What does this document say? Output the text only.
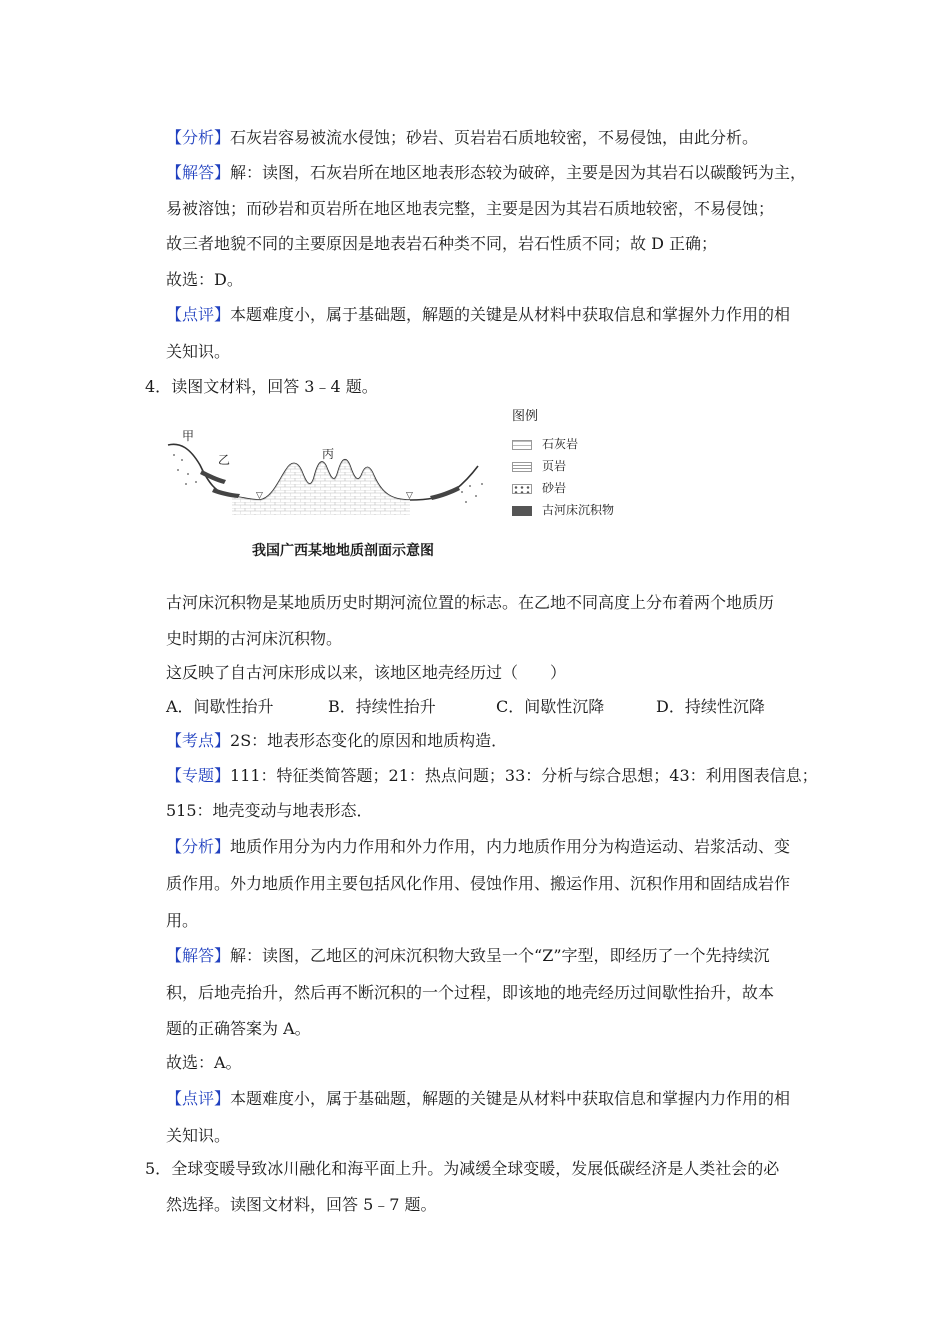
【分析】石灰岩容易被流水侵蚀；砂岩、页岩岩石质地较密，不易侵蚀，由此分析。
【解答】解：读图，石灰岩所在地区地表形态较为破碎，主要是因为其岩石以碳酸钙为主，
易被溶蚀；而砂岩和页岩所在地区地表完整，主要是因为其岩石质地较密，不易侵蚀；
故三者地貌不同的主要原因是地表岩石种类不同，岩石性质不同；故 D 正确；
故选：D。
【点评】本题难度小，属于基础题，解题的关键是从材料中获取信息和掌握外力作用的相
关知识。
4．读图文材料，回答 3﹣4 题。
▽	▽
甲
乙	丙
图例
石灰岩
页岩
砂岩
古河床沉积物
我国广西某地地质剖面示意图
古河床沉积物是某地质历史时期河流位置的标志。在乙地不同高度上分布着两个地质历
史时期的古河床沉积物。
这反映了自古河床形成以来，该地区地壳经历过（　　）
A．间歇性抬升	B．持续性抬升	C．间歇性沉降	D．持续性沉降
【考点】2S：地表形态变化的原因和地质构造．
【专题】111：特征类简答题；21：热点问题；33：分析与综合思想；43：利用图表信息；
515：地壳变动与地表形态．
【分析】地质作用分为内力作用和外力作用，内力地质作用分为构造运动、岩浆活动、变
质作用。外力地质作用主要包括风化作用、侵蚀作用、搬运作用、沉积作用和固结成岩作
用。
【解答】解：读图，乙地区的河床沉积物大致呈一个“Z”字型，即经历了一个先持续沉
积，后地壳抬升，然后再不断沉积的一个过程，即该地的地壳经历过间歇性抬升，故本
题的正确答案为 A。
故选：A。
【点评】本题难度小，属于基础题，解题的关键是从材料中获取信息和掌握内力作用的相
关知识。
5．全球变暖导致冰川融化和海平面上升。为减缓全球变暖，发展低碳经济是人类社会的必
然选择。读图文材料，回答 5﹣7 题。
